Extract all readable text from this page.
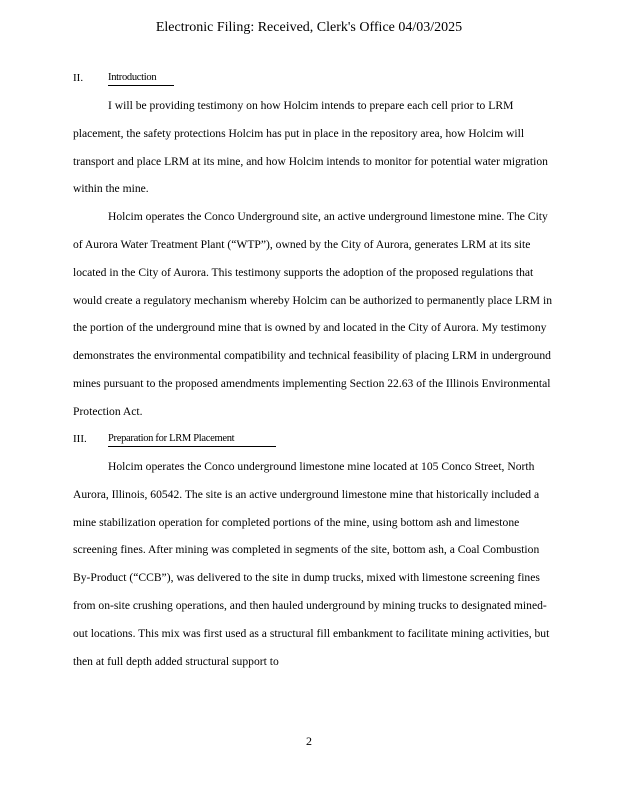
Electronic Filing: Received, Clerk's Office 04/03/2025
II. Introduction

I will be providing testimony on how Holcim intends to prepare each cell prior to LRM placement, the safety protections Holcim has put in place in the repository area, how Holcim will transport and place LRM at its mine, and how Holcim intends to monitor for potential water migration within the mine.

Holcim operates the Conco Underground site, an active underground limestone mine. The City of Aurora Water Treatment Plant (“WTP”), owned by the City of Aurora, generates LRM at its site located in the City of Aurora. This testimony supports the adoption of the proposed regulations that would create a regulatory mechanism whereby Holcim can be authorized to permanently place LRM in the portion of the underground mine that is owned by and located in the City of Aurora. My testimony demonstrates the environmental compatibility and technical feasibility of placing LRM in underground mines pursuant to the proposed amendments implementing Section 22.63 of the Illinois Environmental Protection Act.

III. Preparation for LRM Placement

Holcim operates the Conco underground limestone mine located at 105 Conco Street, North Aurora, Illinois, 60542. The site is an active underground limestone mine that historically included a mine stabilization operation for completed portions of the mine, using bottom ash and limestone screening fines. After mining was completed in segments of the site, bottom ash, a Coal Combustion By-Product (“CCB”), was delivered to the site in dump trucks, mixed with limestone screening fines from on-site crushing operations, and then hauled underground by mining trucks to designated mined-out locations. This mix was first used as a structural fill embankment to facilitate mining activities, but then at full depth added structural support to

2
